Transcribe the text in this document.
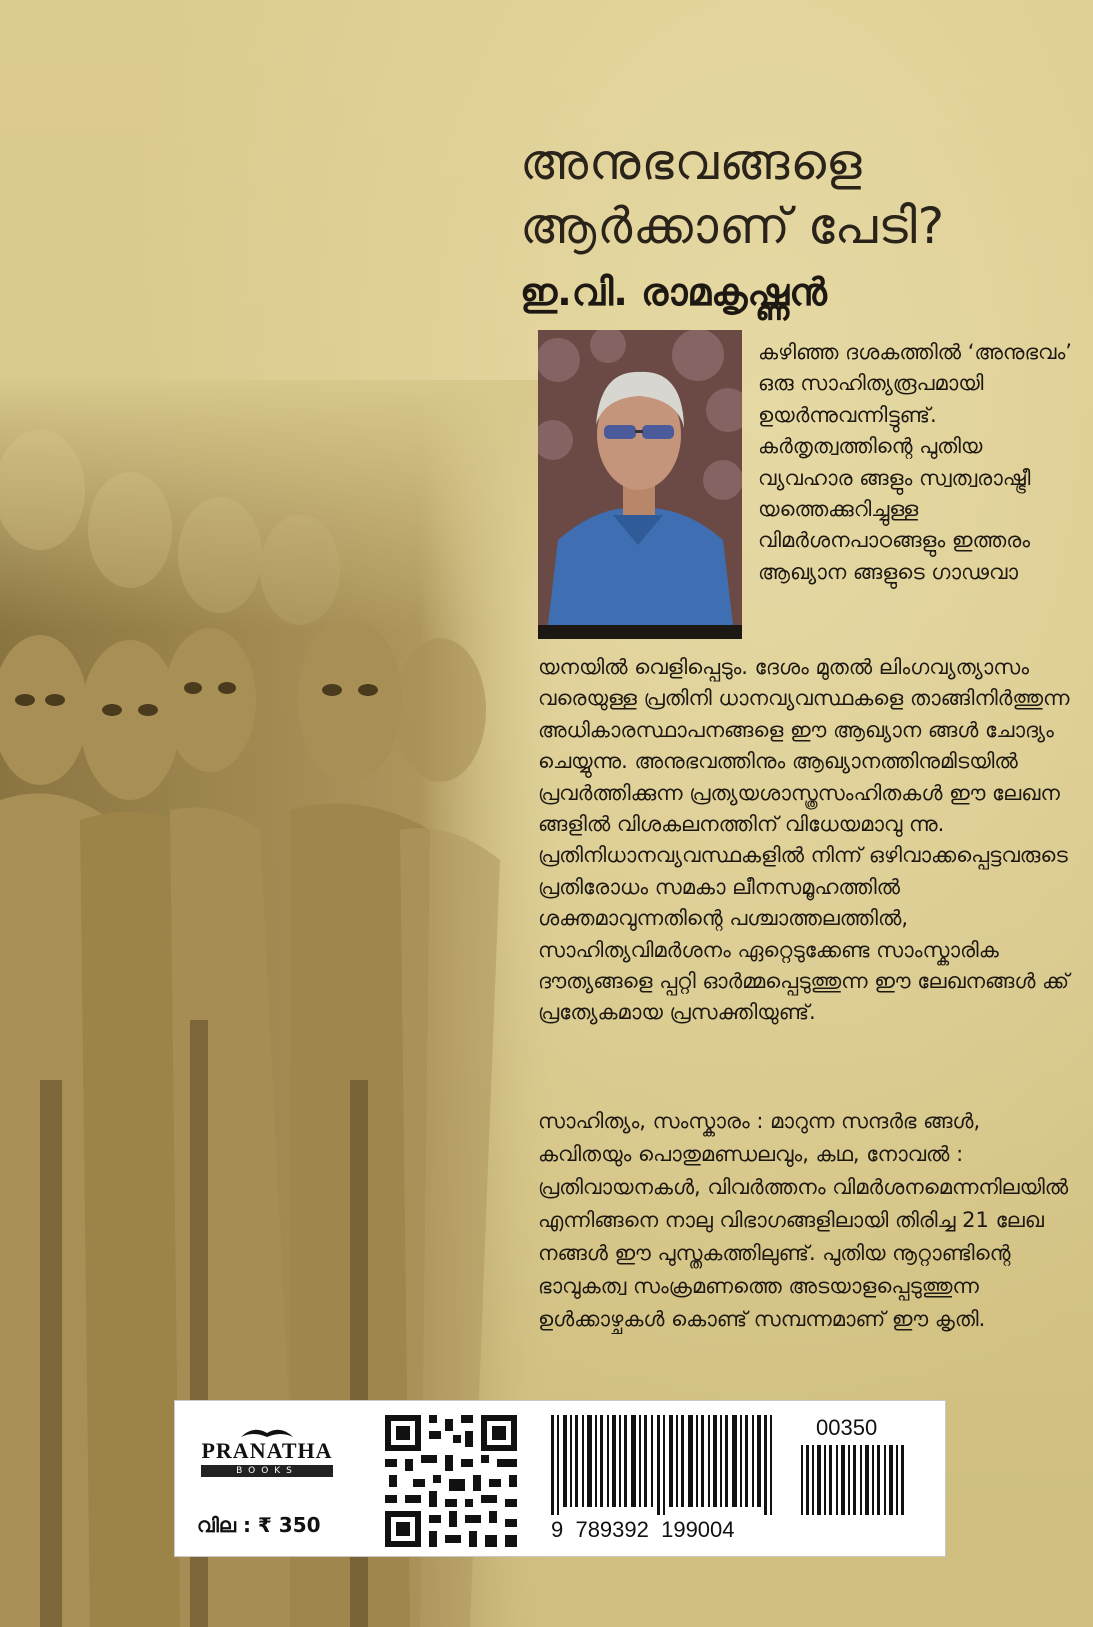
അനുഭവങ്ങളെ
ആർക്കാണ് പേടി?
ഇ.വി. രാമകൃഷ്ണൻ

കഴിഞ്ഞ ദശകത്തിൽ ‘അനുഭവം’ ഒരു സാഹിത്യരൂപമായി ഉയർന്നുവന്നിട്ടുണ്ട്. കർതൃത്വത്തിന്റെ പുതിയ വ്യവഹാര ങ്ങളും സ്വത്വരാഷ്ട്രീ യത്തെക്കുറിച്ചുള്ള വിമർശനപാഠങ്ങളും ഇത്തരം ആഖ്യാന ങ്ങളുടെ ഗാഢവാ

യനയിൽ വെളിപ്പെടും. ദേശം മുതൽ ലിംഗവ്യത്യാസം വരെയുള്ള പ്രതിനി ധാനവ്യവസ്ഥകളെ താങ്ങിനിർത്തുന്ന അധികാരസ്ഥാപനങ്ങളെ ഈ ആഖ്യാന ങ്ങൾ ചോദ്യം ചെയ്യുന്നു. അനുഭവത്തിനും ആഖ്യാനത്തിനുമിടയിൽ പ്രവർത്തിക്കുന്ന പ്രത്യയശാസ്ത്രസംഹിതകൾ ഈ ലേഖന ങ്ങളിൽ വിശകലനത്തിന് വിധേയമാവു ന്നു. പ്രതിനിധാനവ്യവസ്ഥകളിൽ നിന്ന് ഒഴിവാക്കപ്പെട്ടവരുടെ പ്രതിരോധം സമകാ ലീനസമൂഹത്തിൽ ശക്തമാവുന്നതിന്റെ പശ്ചാത്തലത്തിൽ, സാഹിത്യവിമർശനം ഏറ്റെടുക്കേണ്ട സാംസ്കാരിക ദൗത്യങ്ങളെ പ്പറ്റി ഓർമ്മപ്പെടുത്തുന്ന ഈ ലേഖനങ്ങൾ ക്ക് പ്രത്യേകമായ പ്രസക്തിയുണ്ട്.

സാഹിത്യം, സംസ്കാരം : മാറുന്ന സന്ദർഭ ങ്ങൾ, കവിതയും പൊതുമണ്ഡലവും, കഥ, നോവൽ : പ്രതിവായനകൾ, വിവർത്തനം വിമർശനമെന്നനിലയിൽ എന്നിങ്ങനെ നാലു വിഭാഗങ്ങളിലായി തിരിച്ച 21 ലേഖ നങ്ങൾ ഈ പുസ്തകത്തിലുണ്ട്. പുതിയ നൂറ്റാണ്ടിന്റെ ഭാവുകത്വ സംക്രമണത്തെ അടയാളപ്പെടുത്തുന്ന ഉൾക്കാഴ്ചകൾ കൊണ്ട് സമ്പന്നമാണ് ഈ കൃതി.

PRANATHA
BOOKS
വില : ₹ 350
00350
9  789392  199004
